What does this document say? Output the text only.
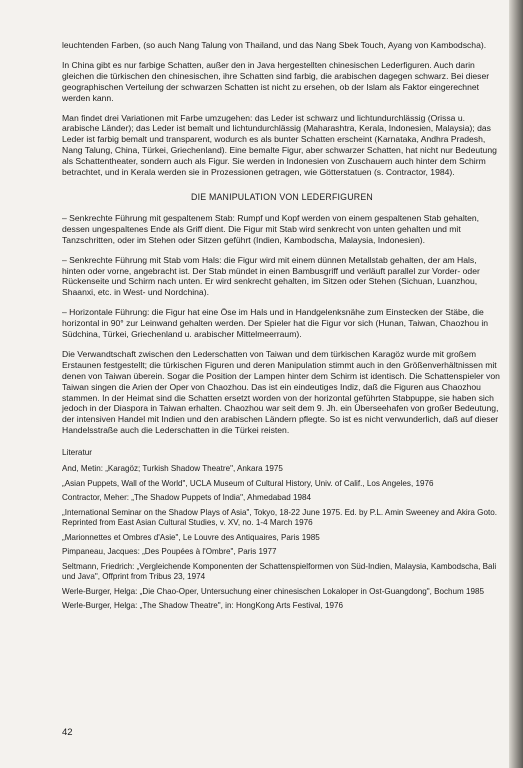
leuchtenden Farben, (so auch Nang Talung von Thailand, und das Nang Sbek Touch, Ayang von Kambodscha).

In China gibt es nur farbige Schatten, außer den in Java hergestellten chinesischen Lederfiguren. Auch darin gleichen die türkischen den chinesischen, ihre Schatten sind farbig, die arabischen dagegen schwarz. Bei dieser geographischen Verteilung der schwarzen Schatten ist nicht zu ersehen, ob der Islam als Faktor eingerechnet werden kann.

Man findet drei Variationen mit Farbe umzugehen: das Leder ist schwarz und lichtundurchlässig (Orissa u. arabische Länder); das Leder ist bemalt und lichtundurchlässig (Maharashtra, Kerala, Indonesien, Malaysia); das Leder ist farbig bemalt und transparent, wodurch es als bunter Schatten erscheint (Karnataka, Andhra Pradesh, Nang Talung, China, Türkei, Griechenland). Eine bemalte Figur, aber schwarzer Schatten, hat nicht nur Bedeutung als Schattentheater, sondern auch als Figur. Sie werden in Indonesien von Zuschauern auch hinter dem Schirm betrachtet, und in Kerala werden sie in Prozessionen getragen, wie Götterstatuen (s. Contractor, 1984).

DIE MANIPULATION VON LEDERFIGUREN

– Senkrechte Führung mit gespaltenem Stab: Rumpf und Kopf werden von einem gespaltenen Stab gehalten, dessen ungespaltenes Ende als Griff dient. Die Figur mit Stab wird senkrecht von unten gehalten und mit Tanzschritten, oder im Stehen oder Sitzen geführt (Indien, Kambodscha, Malaysia, Indonesien).

– Senkrechte Führung mit Stab vom Hals: die Figur wird mit einem dünnen Metallstab gehalten, der am Hals, hinten oder vorne, angebracht ist. Der Stab mündet in einen Bambusgriff und verläuft parallel zur Vorder- oder Rückenseite und Schirm nach unten. Er wird senkrecht gehalten, im Sitzen oder Stehen (Sichuan, Luanzhou, Shaanxi, etc. in West- und Nordchina).

– Horizontale Führung: die Figur hat eine Öse im Hals und in Handgelenksnähe zum Einstecken der Stäbe, die horizontal in 90° zur Leinwand gehalten werden. Der Spieler hat die Figur vor sich (Hunan, Taiwan, Chaozhou in Südchina, Türkei, Griechenland u. arabischer Mittelmeerraum).

Die Verwandtschaft zwischen den Lederschatten von Taiwan und dem türkischen Karagöz wurde mit großem Erstaunen festgestellt; die türkischen Figuren und deren Manipulation stimmt auch in den Größenverhältnissen mit denen von Taiwan überein. Sogar die Position der Lampen hinter dem Schirm ist identisch. Die Schattenspieler von Taiwan singen die Arien der Oper von Chaozhou. Das ist ein eindeutiges Indiz, daß die Figuren aus Chaozhou stammen. In der Heimat sind die Schatten ersetzt worden von der horizontal geführten Stabpuppe, sie haben sich jedoch in der Diaspora in Taiwan erhalten. Chaozhou war seit dem 9. Jh. ein Überseehafen von großer Bedeutung, der intensiven Handel mit Indien und den arabischen Ländern pflegte. So ist es nicht verwunderlich, daß auf dieser Handelsstraße auch die Lederschatten in die Türkei reisten.

Literatur
And, Metin: „Karagöz; Turkish Shadow Theatre", Ankara 1975
„Asian Puppets, Wall of the World", UCLA Museum of Cultural History, Univ. of Calif., Los Angeles, 1976
Contractor, Meher: „The Shadow Puppets of India", Ahmedabad 1984
„International Seminar on the Shadow Plays of Asia", Tokyo, 18-22 June 1975. Ed. by P.L. Amin Sweeney and Akira Goto. Reprinted from East Asian Cultural Studies, v. XV, no. 1-4 March 1976
„Marionnettes et Ombres d'Asie", Le Louvre des Antiquaires, Paris 1985
Pimpaneau, Jacques: „Des Poupées à l'Ombre", Paris 1977
Seltmann, Friedrich: „Vergleichende Komponenten der Schattenspielformen von Süd-Indien, Malaysia, Kambodscha, Bali und Java", Offprint from Tribus 23, 1974
Werle-Burger, Helga: „Die Chao-Oper, Untersuchung einer chinesischen Lokaloper in Ost-Guangdong", Bochum 1985
Werle-Burger, Helga: „The Shadow Theatre", in: HongKong Arts Festival, 1976
42
